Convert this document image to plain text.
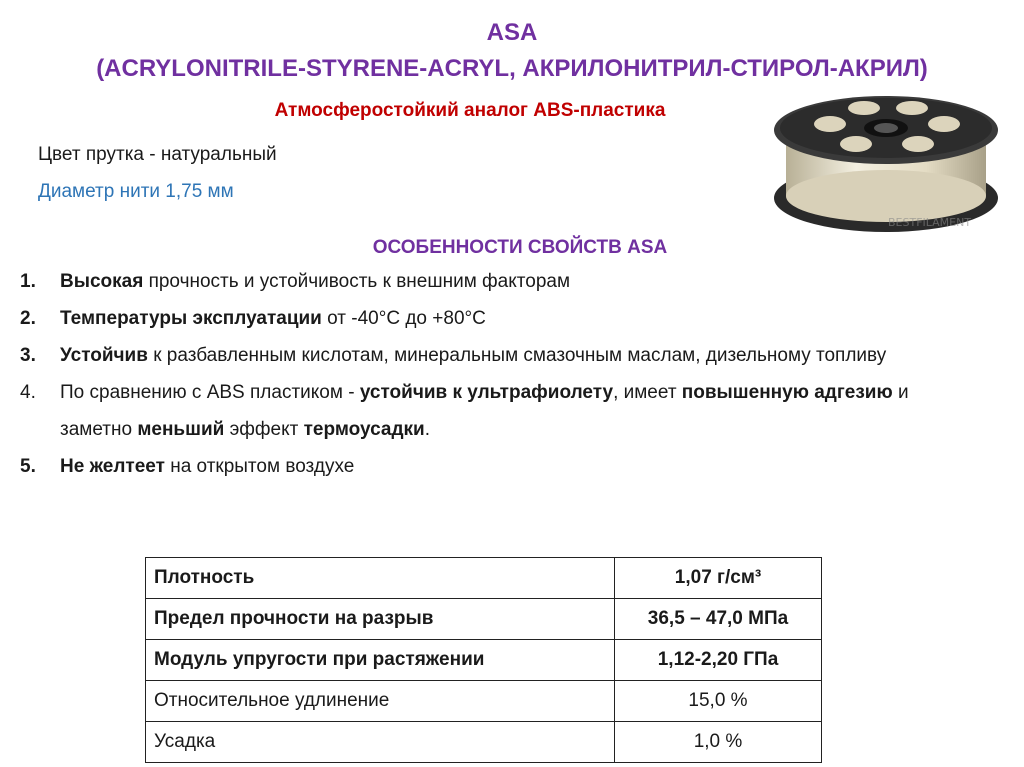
ASA
(ACRYLONITRILE-STYRENE-ACRYL, АКРИЛОНИТРИЛ-СТИРОЛ-АКРИЛ)
Атмосферостойкий аналог ABS-пластика
Цвет прутка - натуральный
Диаметр нити 1,75 мм
BESTFILAMENT
ОСОБЕННОСТИ СВОЙСТВ ASA
1. Высокая прочность и устойчивость к внешним факторам
2. Температуры эксплуатации от -40°С до +80°С
3. Устойчив к разбавленным кислотам, минеральным смазочным маслам, дизельному топливу
4. По сравнению с ABS пластиком - устойчив к ультрафиолету, имеет повышенную адгезию и заметно меньший эффект термоусадки.
5. Не желтеет на открытом воздухе
Плотность	1,07 г/см³
Предел прочности на разрыв	36,5 – 47,0 МПа
Модуль упругости при растяжении	1,12-2,20 ГПа
Относительное удлинение	15,0 %
Усадка	1,0 %
